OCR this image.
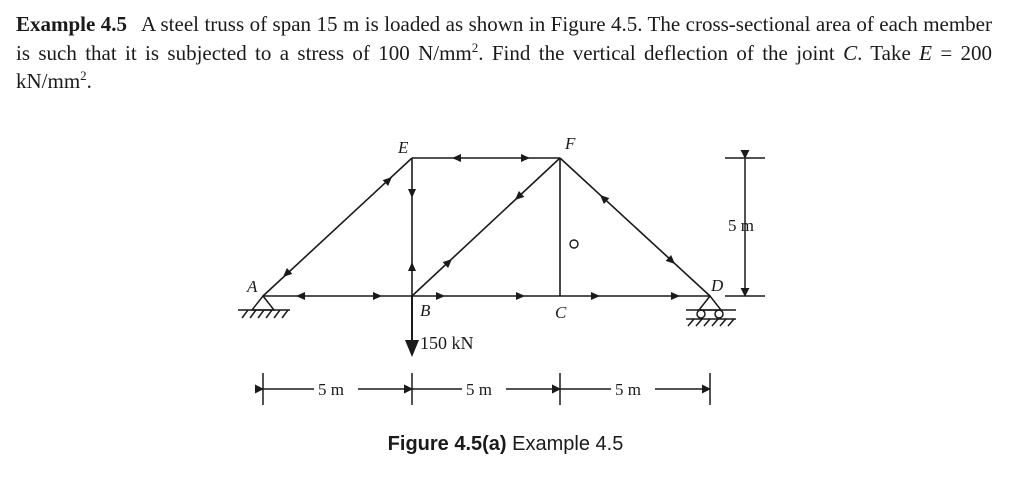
Example 4.5 A steel truss of span 15 m is loaded as shown in Figure 4.5. The cross-sectional area of each member is such that it is subjected to a stress of 100 $N/mm^2$. Find the vertical deflection of the joint C. Take E = 200 $kN/mm^2$.

150 kN
A
B	C
D
E	F
5 m
5 m	5 m	5 m
Figure 4.5(a) Example 4.5
